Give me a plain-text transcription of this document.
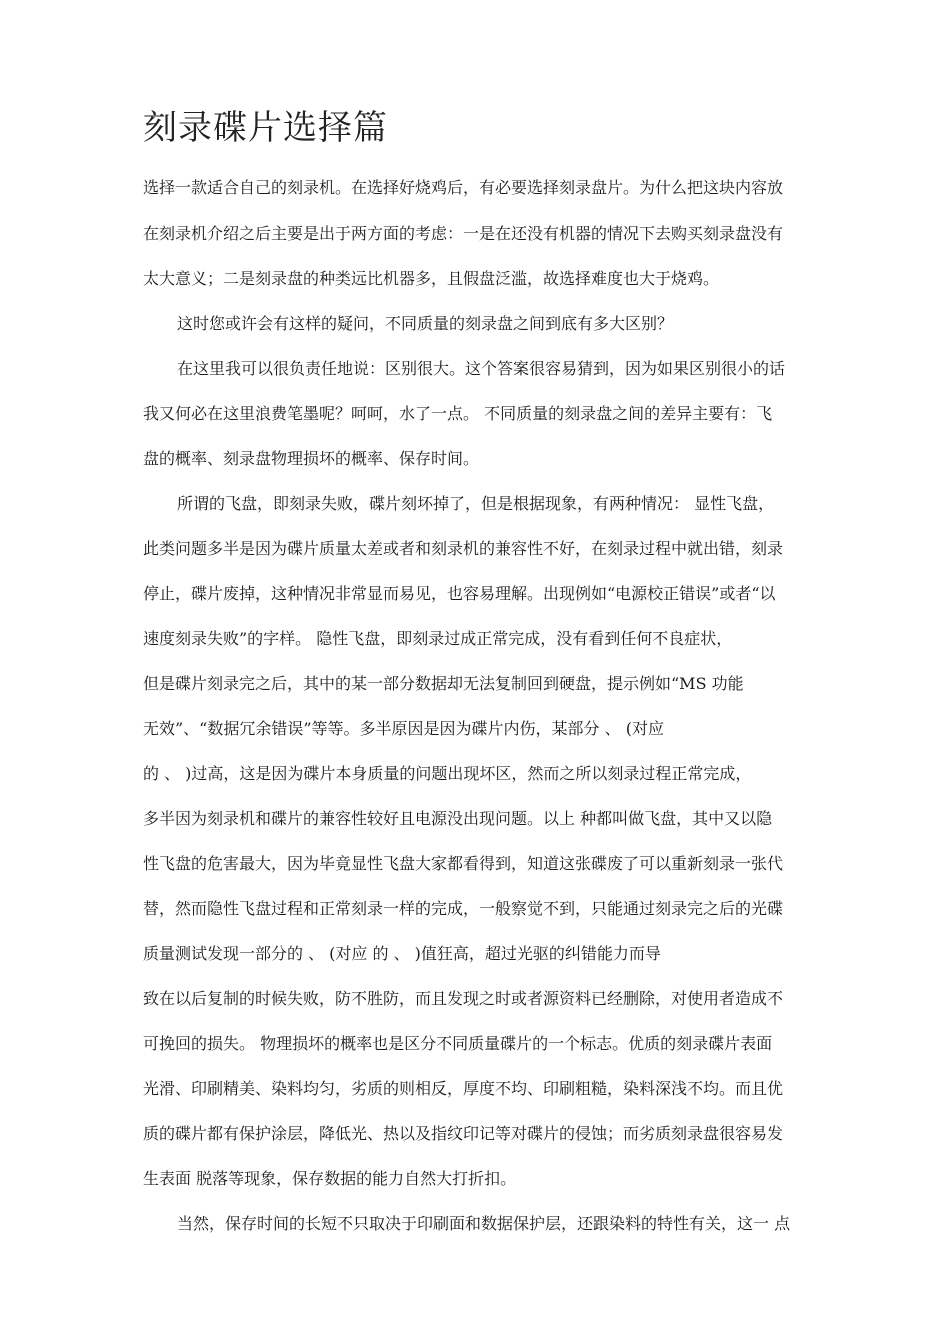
刻录碟片选择篇
选择一款适合自己的刻录机。在选择好烧鸡后，有必要选择刻录盘片。为什么把这块内容放
在刻录机介绍之后主要是出于两方面的考虑：一是在还没有机器的情况下去购买刻录盘没有
太大意义；二是刻录盘的种类远比机器多，且假盘泛滥，故选择难度也大于烧鸡。
这时您或许会有这样的疑问，不同质量的刻录盘之间到底有多大区别？
在这里我可以很负责任地说：区别很大。这个答案很容易猜到，因为如果区别很小的话
我又何必在这里浪费笔墨呢？呵呵，水了一点。 不同质量的刻录盘之间的差异主要有：飞
盘的概率、刻录盘物理损坏的概率、保存时间。
所谓的飞盘，即刻录失败，碟片刻坏掉了，但是根据现象，有两种情况： 显性飞盘，
此类问题多半是因为碟片质量太差或者和刻录机的兼容性不好，在刻录过程中就出错，刻录
停止，碟片废掉，这种情况非常显而易见，也容易理解。出现例如“电源校正错误”或者“以
速度刻录失败”的字样。 隐性飞盘，即刻录过成正常完成，没有看到任何不良症状，
但是碟片刻录完之后，其中的某一部分数据却无法复制回到硬盘，提示例如“MS 功能
无效”、“数据冗余错误”等等。多半原因是因为碟片内伤，某部分 、 (对应
的 、 )过高，这是因为碟片本身质量的问题出现坏区，然而之所以刻录过程正常完成，
多半因为刻录机和碟片的兼容性较好且电源没出现问题。以上 种都叫做飞盘，其中又以隐
性飞盘的危害最大，因为毕竟显性飞盘大家都看得到，知道这张碟废了可以重新刻录一张代
替，然而隐性飞盘过程和正常刻录一样的完成，一般察觉不到，只能通过刻录完之后的光碟
质量测试发现一部分的 、 (对应 的 、 )值狂高，超过光驱的纠错能力而导
致在以后复制的时候失败，防不胜防，而且发现之时或者源资料已经删除，对使用者造成不
可挽回的损失。 物理损坏的概率也是区分不同质量碟片的一个标志。优质的刻录碟片表面
光滑、印刷精美、染料均匀，劣质的则相反，厚度不均、印刷粗糙，染料深浅不均。而且优
质的碟片都有保护涂层，降低光、热以及指纹印记等对碟片的侵蚀；而劣质刻录盘很容易发
生表面 脱落等现象，保存数据的能力自然大打折扣。
当然，保存时间的长短不只取决于印刷面和数据保护层，还跟染料的特性有关，这一 点
